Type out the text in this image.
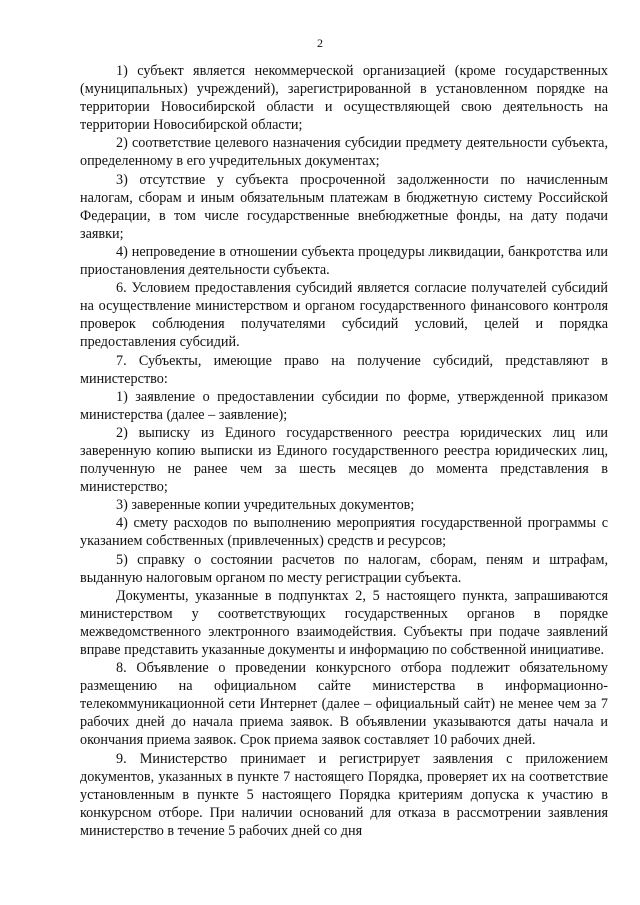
2

1) субъект является некоммерческой организацией (кроме государственных (муниципальных) учреждений), зарегистрированной в установленном порядке на территории Новосибирской области и осуществляющей свою деятельность на территории Новосибирской области;

2) соответствие целевого назначения субсидии предмету деятельности субъекта, определенному в его учредительных документах;

3) отсутствие у субъекта просроченной задолженности по начисленным налогам, сборам и иным обязательным платежам в бюджетную систему Российской Федерации, в том числе государственные внебюджетные фонды, на дату подачи заявки;

4) непроведение в отношении субъекта процедуры ликвидации, банкротства или приостановления деятельности субъекта.

6. Условием предоставления субсидий является согласие получателей субсидий на осуществление министерством и органом государственного финансового контроля проверок соблюдения получателями субсидий условий, целей и порядка предоставления субсидий.

7. Субъекты, имеющие право на получение субсидий, представляют в министерство:

1) заявление о предоставлении субсидии по форме, утвержденной приказом министерства (далее – заявление);

2) выписку из Единого государственного реестра юридических лиц или заверенную копию выписки из Единого государственного реестра юридических лиц, полученную не ранее чем за шесть месяцев до момента представления в министерство;

3) заверенные копии учредительных документов;

4) смету расходов по выполнению мероприятия государственной программы с указанием собственных (привлеченных) средств и ресурсов;

5) справку о состоянии расчетов по налогам, сборам, пеням и штрафам, выданную налоговым органом по месту регистрации субъекта.

Документы, указанные в подпунктах 2, 5 настоящего пункта, запрашиваются министерством у соответствующих государственных органов в порядке межведомственного электронного взаимодействия. Субъекты при подаче заявлений вправе представить указанные документы и информацию по собственной инициативе.

8. Объявление о проведении конкурсного отбора подлежит обязательному размещению на официальном сайте министерства в информационно-телекоммуникационной сети Интернет (далее – официальный сайт) не менее чем за 7 рабочих дней до начала приема заявок. В объявлении указываются даты начала и окончания приема заявок. Срок приема заявок составляет 10 рабочих дней.

9. Министерство принимает и регистрирует заявления с приложением документов, указанных в пункте 7 настоящего Порядка, проверяет их на соответствие установленным в пункте 5 настоящего Порядка критериям допуска к участию в конкурсном отборе. При наличии оснований для отказа в рассмотрении заявления министерство в течение 5 рабочих дней со дня
